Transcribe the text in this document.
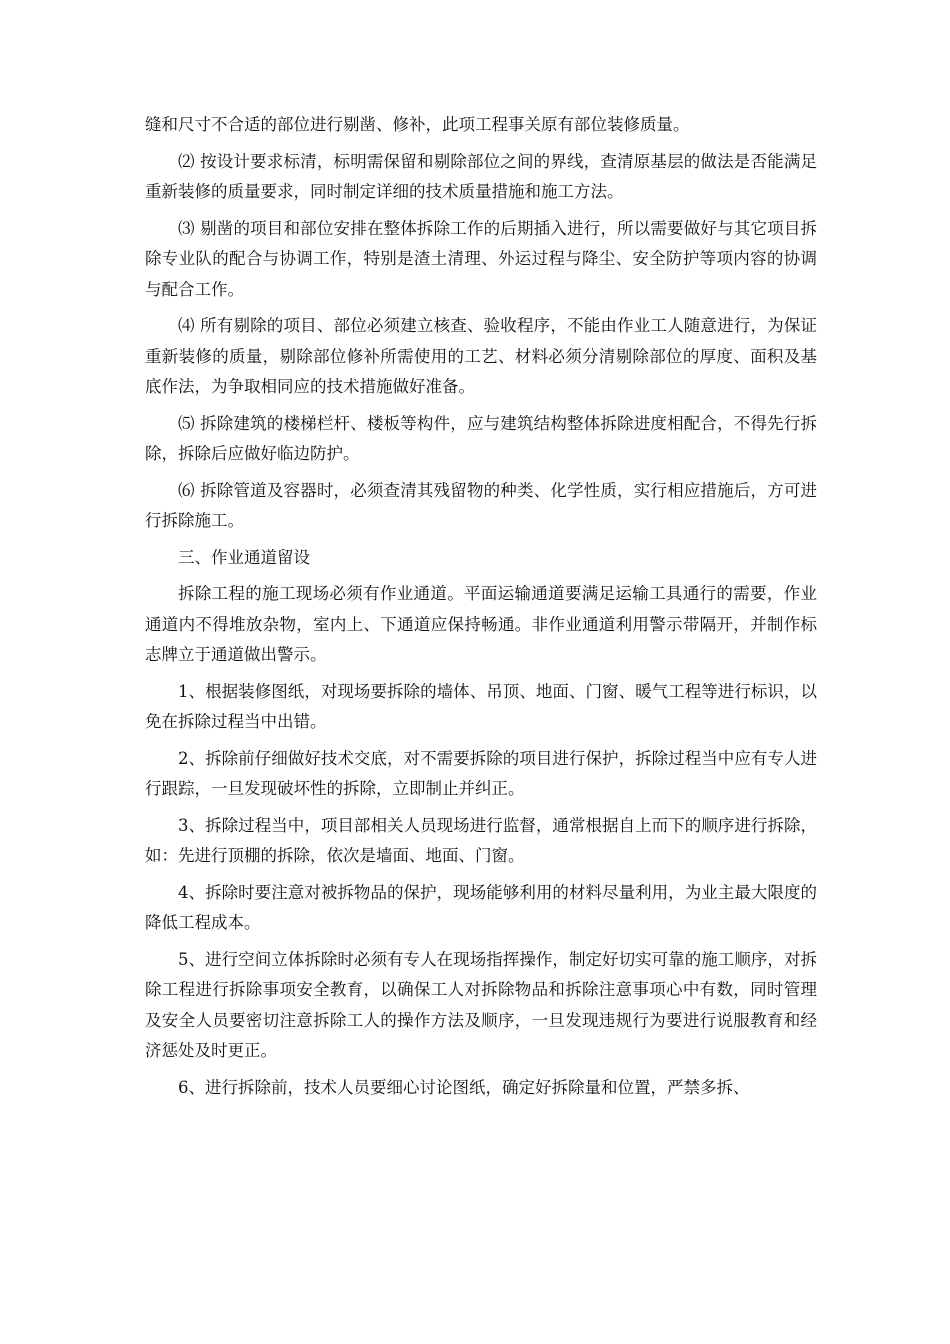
缝和尺寸不合适的部位进行剔凿、修补，此项工程事关原有部位装修质量。

⑵ 按设计要求标清，标明需保留和剔除部位之间的界线，查清原基层的做法是否能满足重新装修的质量要求，同时制定详细的技术质量措施和施工方法。

⑶ 剔凿的项目和部位安排在整体拆除工作的后期插入进行，所以需要做好与其它项目拆除专业队的配合与协调工作，特别是渣土清理、外运过程与降尘、安全防护等项内容的协调与配合工作。

⑷ 所有剔除的项目、部位必须建立核查、验收程序，不能由作业工人随意进行，为保证重新装修的质量，剔除部位修补所需使用的工艺、材料必须分清剔除部位的厚度、面积及基底作法，为争取相同应的技术措施做好准备。

⑸ 拆除建筑的楼梯栏杆、楼板等构件，应与建筑结构整体拆除进度相配合，不得先行拆除，拆除后应做好临边防护。

⑹ 拆除管道及容器时，必须查清其残留物的种类、化学性质，实行相应措施后，方可进行拆除施工。

三、作业通道留设

拆除工程的施工现场必须有作业通道。平面运输通道要满足运输工具通行的需要，作业通道内不得堆放杂物，室内上、下通道应保持畅通。非作业通道利用警示带隔开，并制作标志牌立于通道做出警示。

1、根据装修图纸，对现场要拆除的墙体、吊顶、地面、门窗、暖气工程等进行标识，以免在拆除过程当中出错。

2、拆除前仔细做好技术交底，对不需要拆除的项目进行保护，拆除过程当中应有专人进行跟踪，一旦发现破坏性的拆除，立即制止并纠正。

3、拆除过程当中，项目部相关人员现场进行监督，通常根据自上而下的顺序进行拆除，如：先进行顶棚的拆除，依次是墙面、地面、门窗。

4、拆除时要注意对被拆物品的保护，现场能够利用的材料尽量利用，为业主最大限度的降低工程成本。

5、进行空间立体拆除时必须有专人在现场指挥操作，制定好切实可靠的施工顺序，对拆除工程进行拆除事项安全教育，以确保工人对拆除物品和拆除注意事项心中有数，同时管理及安全人员要密切注意拆除工人的操作方法及顺序，一旦发现违规行为要进行说服教育和经济惩处及时更正。

6、进行拆除前，技术人员要细心讨论图纸，确定好拆除量和位置，严禁多拆、
